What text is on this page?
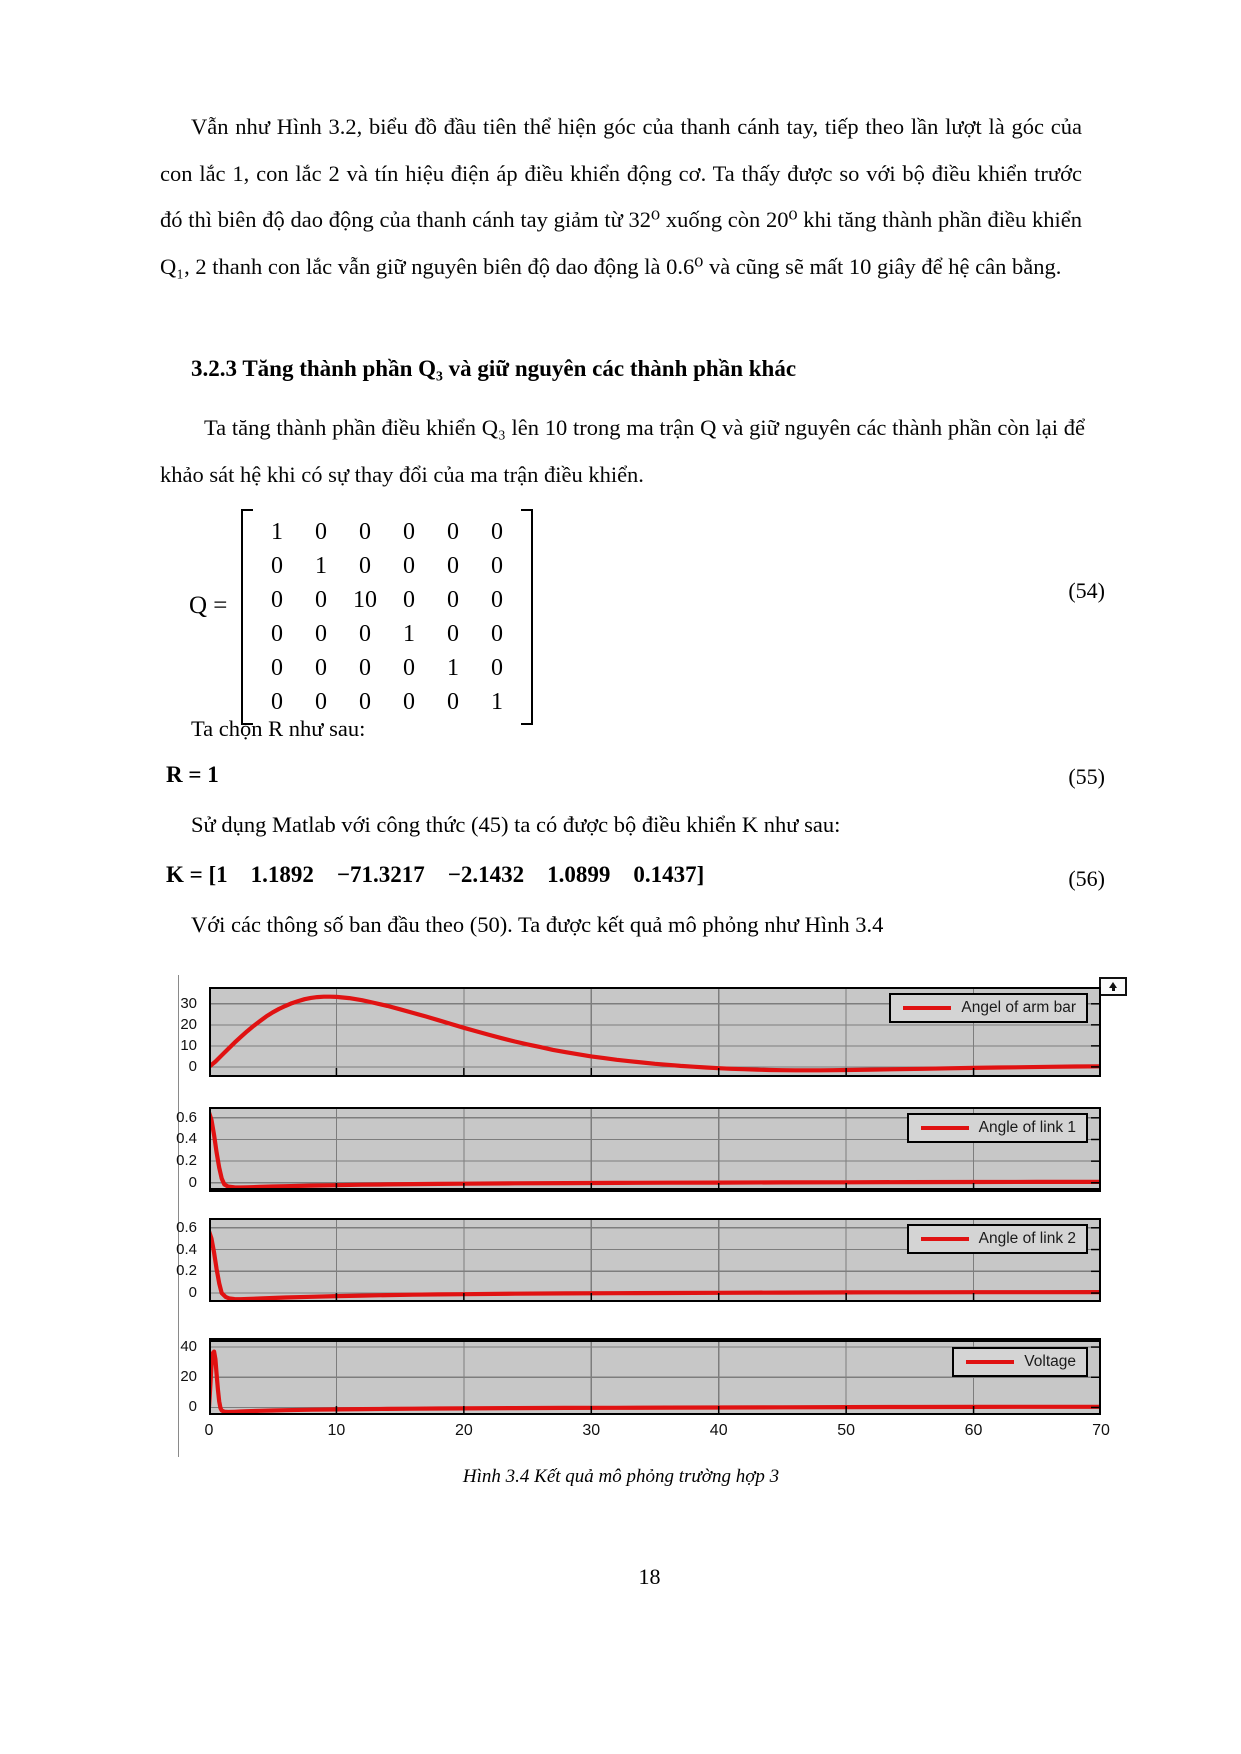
Vẫn như Hình 3.2, biểu đồ đầu tiên thể hiện góc của thanh cánh tay, tiếp theo lần lượt là góc của con lắc 1, con lắc 2 và tín hiệu điện áp điều khiển động cơ. Ta thấy được so với bộ điều khiển trước đó thì biên độ dao động của thanh cánh tay giảm từ 32⁰ xuống còn 20⁰ khi tăng thành phần điều khiển Q₁, 2 thanh con lắc vẫn giữ nguyên biên độ dao động là 0.6⁰ và cũng sẽ mất 10 giây để hệ cân bằng.
3.2.3 Tăng thành phần Q₃ và giữ nguyên các thành phần khác
Ta tăng thành phần điều khiển Q₃ lên 10 trong ma trận Q và giữ nguyên các thành phần còn lại để khảo sát hệ khi có sự thay đổi của ma trận điều khiển.
Q =
1	0	0	0	0	0
0	1	0	0	0	0
0	0	10	0	0	0
0	0	0	1	0	0
0	0	0	0	1	0
0	0	0	0	0	1
(54)
Ta chọn R như sau:
R = 1	(55)
Sử dụng Matlab với công thức (45) ta có được bộ điều khiển K như sau:
K = [1    1.1892    −71.3217    −2.1432    1.0899    0.1437]	(56)
Với các thông số ban đầu theo (50). Ta được kết quả mô phỏng như Hình 3.4
0
10
20
30	Angel of arm bar
0
0.2
0.4
0.6
Angle of link 1
0
0.2
0.4
0.6
Angle of link 2
0
20
40
Voltage
0	10	20	30	40	50	60	70
Hình 3.4 Kết quả mô phỏng trường hợp 3
18
